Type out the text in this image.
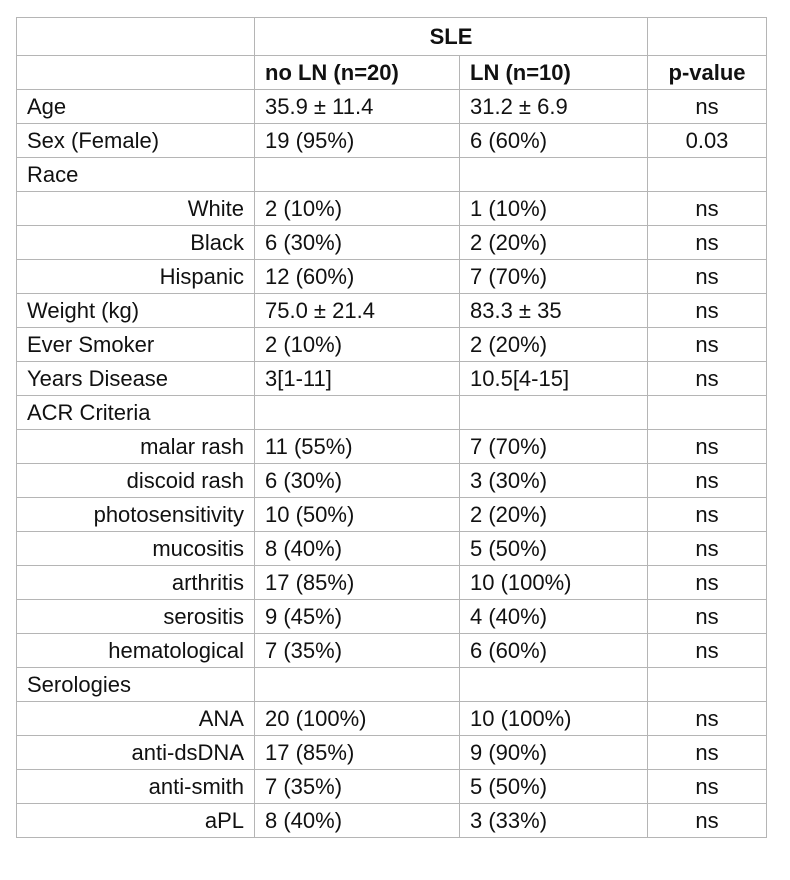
	SLE		
	no LN (n=20)	LN (n=10)	p-value
Age	35.9 ± 11.4	31.2 ± 6.9	ns
Sex (Female)	19 (95%)	6 (60%)	0.03
Race			
White	2 (10%)	1 (10%)	ns
Black	6 (30%)	2 (20%)	ns
Hispanic	12 (60%)	7 (70%)	ns
Weight (kg)	75.0 ± 21.4	83.3 ± 35	ns
Ever Smoker	2 (10%)	2 (20%)	ns
Years Disease	3[1-11]	10.5[4-15]	ns
ACR Criteria			
malar rash	11 (55%)	7 (70%)	ns
discoid rash	6 (30%)	3 (30%)	ns
photosensitivity	10 (50%)	2 (20%)	ns
mucositis	8 (40%)	5 (50%)	ns
arthritis	17 (85%)	10 (100%)	ns
serositis	9 (45%)	4 (40%)	ns
hematological	7 (35%)	6 (60%)	ns
Serologies			
ANA	20 (100%)	10 (100%)	ns
anti-dsDNA	17 (85%)	9 (90%)	ns
anti-smith	7 (35%)	5 (50%)	ns
aPL	8 (40%)	3 (33%)	ns
